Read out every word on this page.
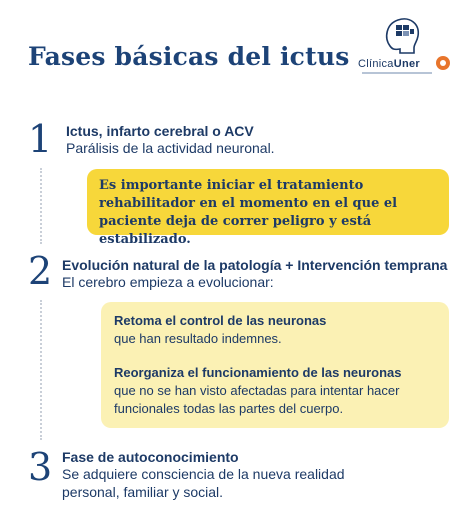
Fases básicas del ictus ClínicaUner
1 Ictus, infarto cerebral o ACV

Parálisis de la actividad neuronal.

Es importante iniciar el tratamiento rehabilitador en el momento en el que el paciente deja de correr peligro y está estabilizado.

2 Evolución natural de la patología + Intervención temprana

El cerebro empieza a evolucionar:

Retoma el control de las neuronas
que han resultado indemnes.

Reorganiza el funcionamiento de las neuronas
que no se han visto afectadas para intentar hacer funcionales todas las partes del cuerpo.

3 Fase de autoconocimiento

Se adquiere consciencia de la nueva realidad personal, familiar y social.
